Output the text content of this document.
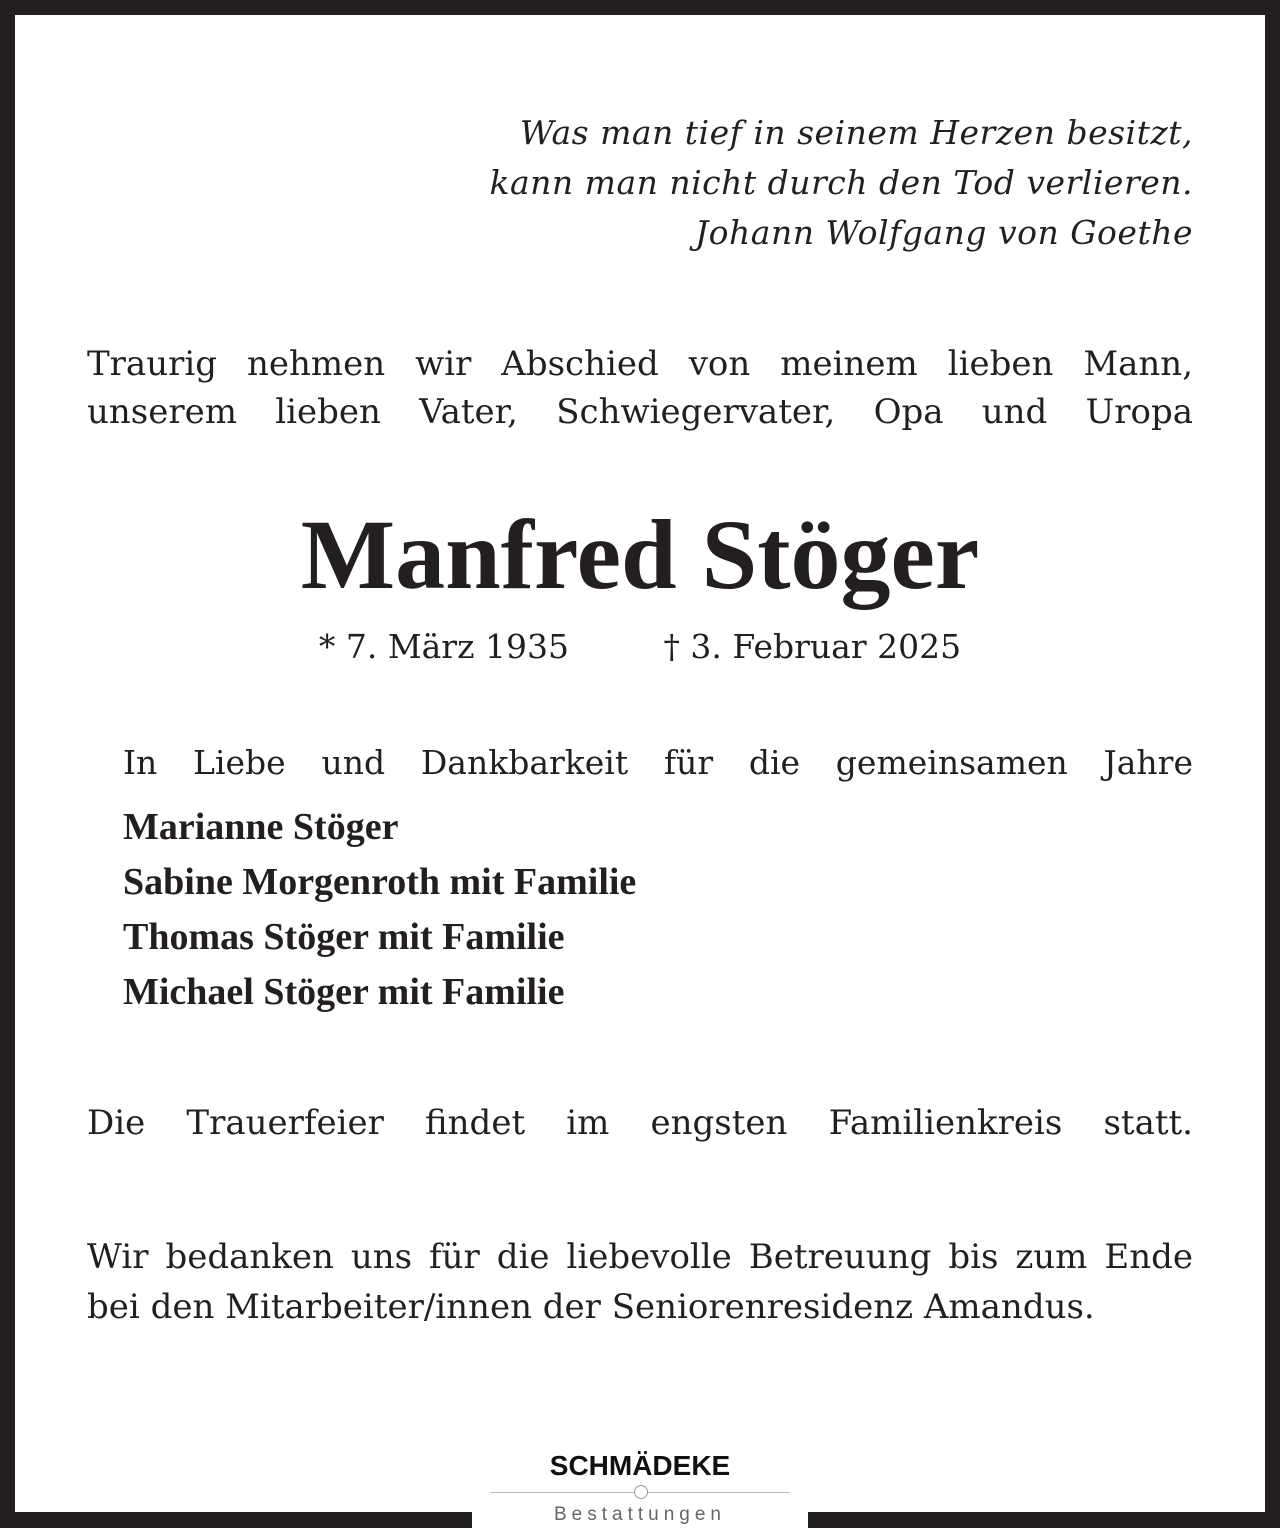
Was man tief in seinem Herzen besitzt,
kann man nicht durch den Tod verlieren.
Johann Wolfgang von Goethe
Traurig nehmen wir Abschied von meinem lieben Mann,
unserem lieben Vater, Schwiegervater, Opa und Uropa
Manfred Stöger
* 7. März 1935	† 3. Februar 2025
In Liebe und Dankbarkeit für die gemeinsamen Jahre
Marianne Stöger
Sabine Morgenroth mit Familie
Thomas Stöger mit Familie
Michael Stöger mit Familie
Die Trauerfeier findet im engsten Familienkreis statt.
Wir bedanken uns für die liebevolle Betreuung bis zum Ende bei den Mitarbeiter/innen der Seniorenresidenz Amandus.
SCHMÄDEKE
Bestattungen
